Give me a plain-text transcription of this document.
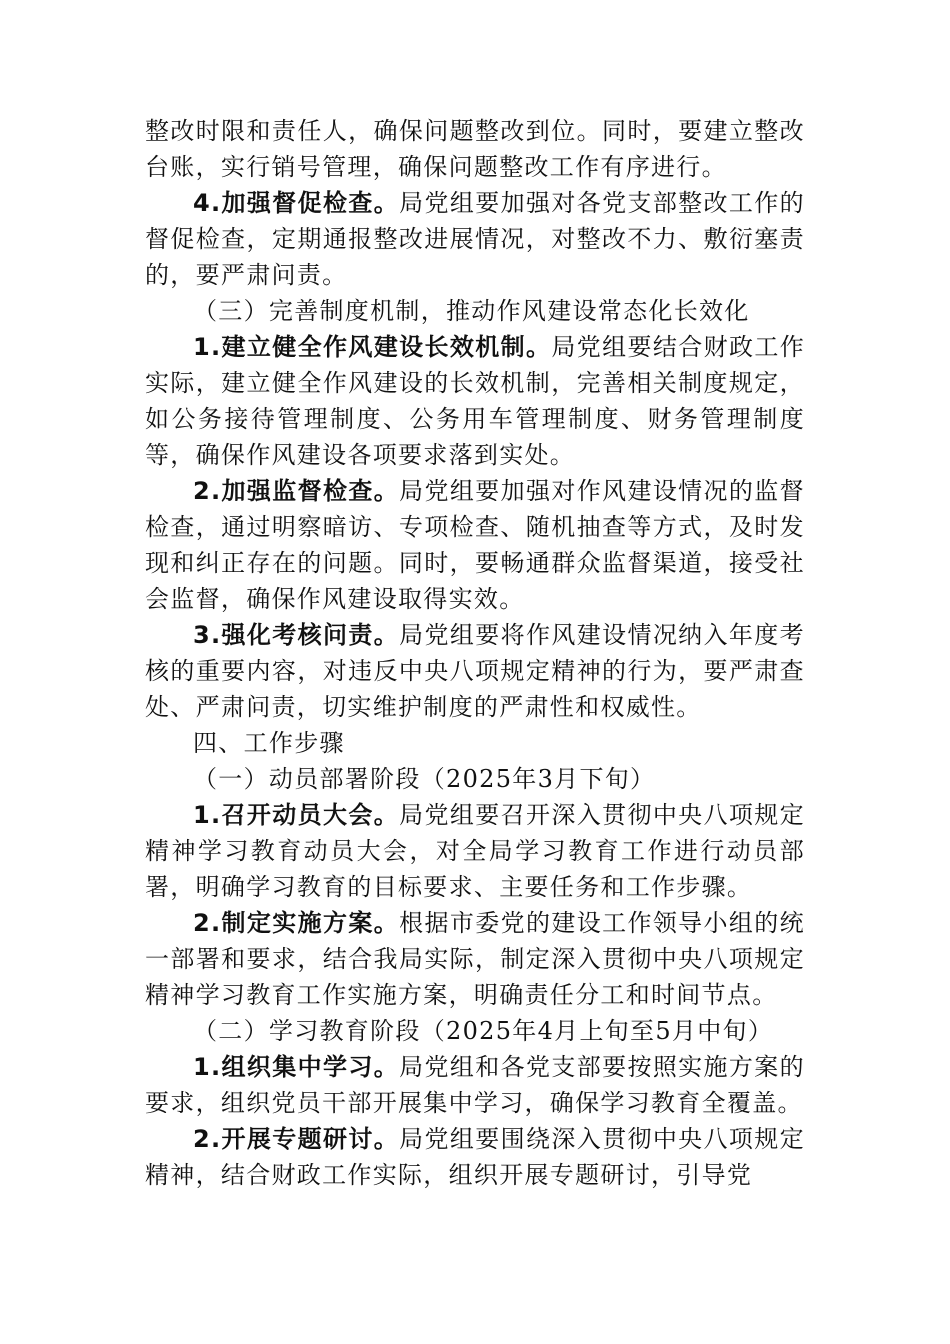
整改时限和责任人，确保问题整改到位。同时，要建立整改台账，实行销号管理，确保问题整改工作有序进行。

4.加强督促检查。局党组要加强对各党支部整改工作的督促检查，定期通报整改进展情况，对整改不力、敷衍塞责的，要严肃问责。

（三）完善制度机制，推动作风建设常态化长效化

1.建立健全作风建设长效机制。局党组要结合财政工作实际，建立健全作风建设的长效机制，完善相关制度规定，如公务接待管理制度、公务用车管理制度、财务管理制度等，确保作风建设各项要求落到实处。

2.加强监督检查。局党组要加强对作风建设情况的监督检查，通过明察暗访、专项检查、随机抽查等方式，及时发现和纠正存在的问题。同时，要畅通群众监督渠道，接受社会监督，确保作风建设取得实效。

3.强化考核问责。局党组要将作风建设情况纳入年度考核的重要内容，对违反中央八项规定精神的行为，要严肃查处、严肃问责，切实维护制度的严肃性和权威性。

四、工作步骤

（一）动员部署阶段（2025年3月下旬）

1.召开动员大会。局党组要召开深入贯彻中央八项规定精神学习教育动员大会，对全局学习教育工作进行动员部署，明确学习教育的目标要求、主要任务和工作步骤。

2.制定实施方案。根据市委党的建设工作领导小组的统一部署和要求，结合我局实际，制定深入贯彻中央八项规定精神学习教育工作实施方案，明确责任分工和时间节点。

（二）学习教育阶段（2025年4月上旬至5月中旬）

1.组织集中学习。局党组和各党支部要按照实施方案的要求，组织党员干部开展集中学习，确保学习教育全覆盖。

2.开展专题研讨。局党组要围绕深入贯彻中央八项规定精神，结合财政工作实际，组织开展专题研讨，引导党
